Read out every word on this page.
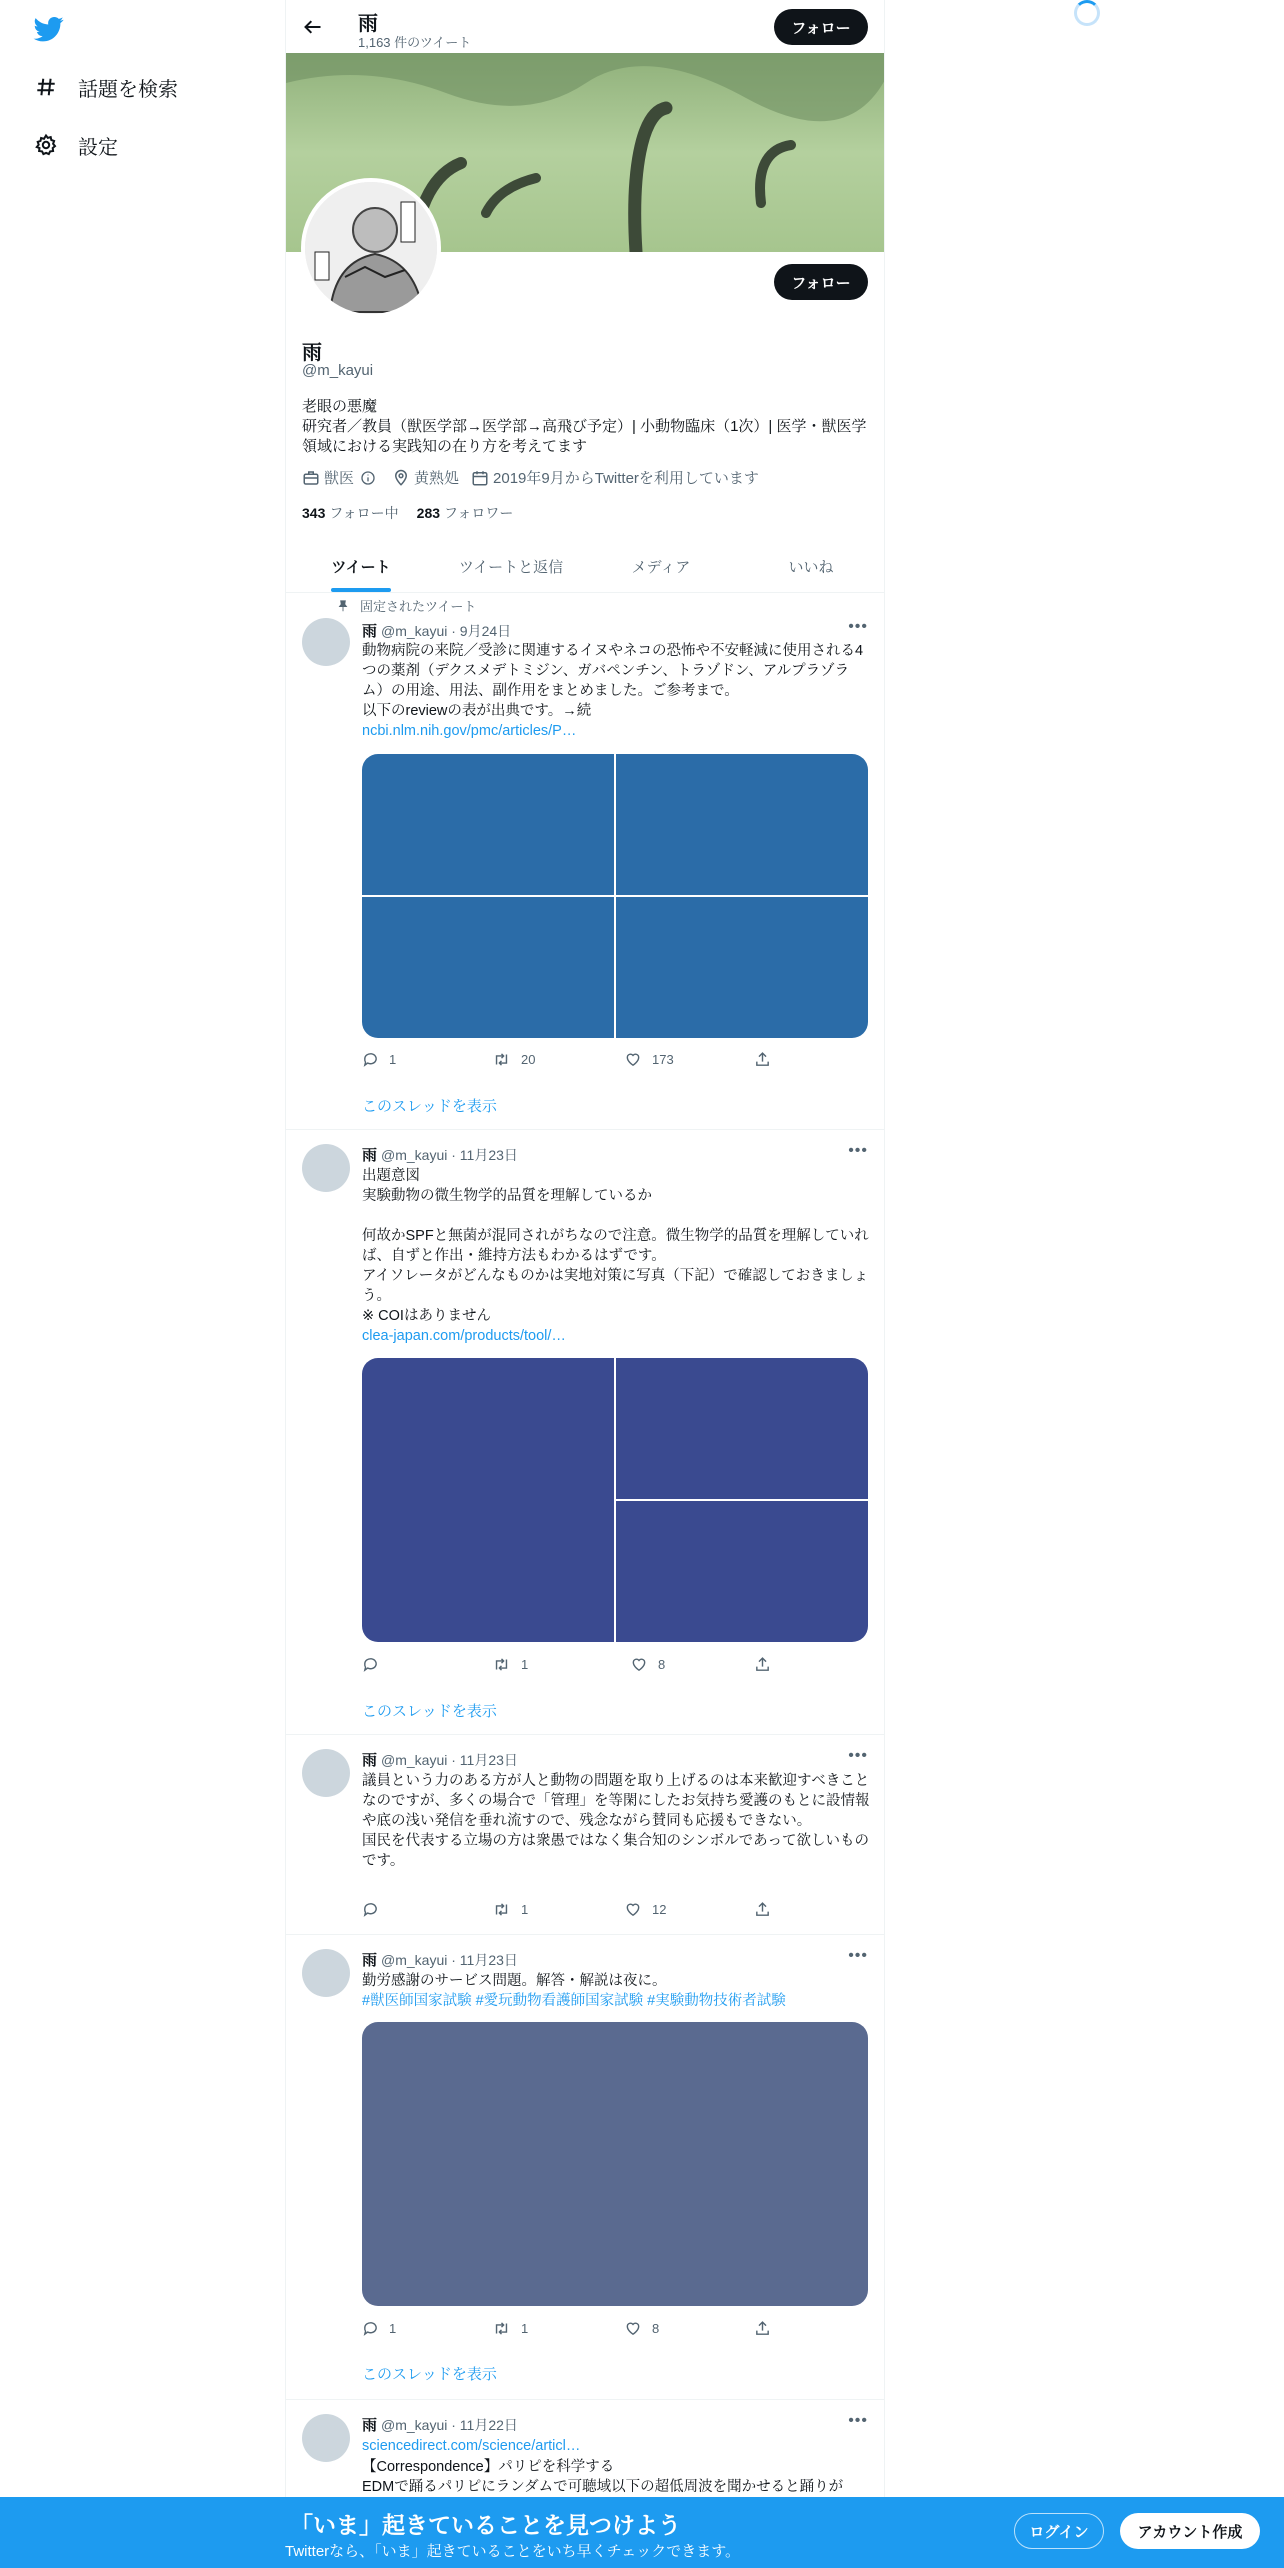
話題を検索
設定
雨
1,163 件のツイート
フォロー
フォロー
雨
@m_kayui
老眼の悪魔
研究者／教員（獣医学部→医学部→高飛び予定）| 小動物臨床（1次）| 医学・獣医学領域における実践知の在り方を考えてます
獣医	黄熟処 2019年9月からTwitterを利用しています
343 フォロー中 283 フォロワー
ツイート	ツイートと返信	メディア	いいね
固定されたツイート
雨 @m_kayui · 9月24日	•••
動物病院の来院／受診に関連するイヌやネコの恐怖や不安軽減に使用される4つの薬剤（デクスメデトミジン、ガバペンチン、トラゾドン、アルプラゾラム）の用途、用法、副作用をまとめました。ご参考まで。
以下のreviewの表が出典です。→続
ncbi.nlm.nih.gov/pmc/articles/P…
1	20	173
このスレッドを表示
雨 @m_kayui · 11月23日	•••
出題意図
実験動物の微生物学的品質を理解しているか

何故かSPFと無菌が混同されがちなので注意。微生物学的品質を理解していれば、自ずと作出・維持方法もわかるはずです。
アイソレータがどんなものかは実地対策に写真（下記）で確認しておきましょう。
※ COIはありません
clea-japan.com/products/tool/…
1	8
このスレッドを表示
雨 @m_kayui · 11月23日	•••
議員という力のある方が人と動物の問題を取り上げるのは本来歓迎すべきことなのですが、多くの場合で「管理」を等閑にしたお気持ち愛護のもとに設情報や底の浅い発信を垂れ流すので、残念ながら賛同も応援もできない。
国民を代表する立場の方は衆愚ではなく集合知のシンボルであって欲しいものです。
1	12
雨 @m_kayui · 11月23日	•••
勤労感謝のサービス問題。解答・解説は夜に。
#獣医師国家試験 #愛玩動物看護師国家試験 #実験動物技術者試験
1	1	8
このスレッドを表示
雨 @m_kayui · 11月22日	•••
sciencedirect.com/science/articl…
【Correspondence】パリピを科学する
EDMで踊るパリピにランダムで可聴域以下の超低周波を聞かせると踊りが
「いま」起きていることを見つけよう
Twitterなら、「いま」起きていることをいち早くチェックできます。
ログイン	アカウント作成
